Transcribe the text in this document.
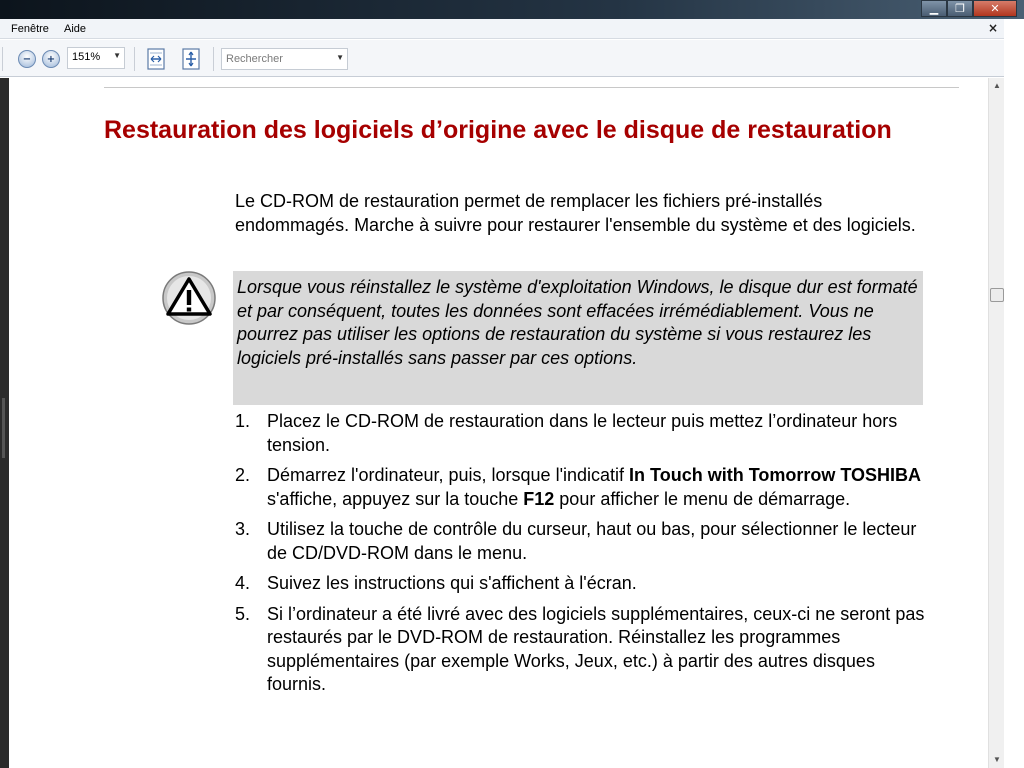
▁	❐	✕
Fenêtre Aide	×
−	+	151% ▼	Rechercher	▼
Restauration des logiciels d’origine avec le disque de restauration

Le CD-ROM de restauration permet de remplacer les fichiers pré-installés endommagés. Marche à suivre pour restaurer l'ensemble du système et des logiciels.

Lorsque vous réinstallez le système d'exploitation Windows, le disque dur est formaté et par conséquent, toutes les données sont effacées irrémédiablement. Vous ne pourrez pas utiliser les options de restauration du système si vous restaurez les logiciels pré-installés sans passer par ces options.

1. Placez le CD-ROM de restauration dans le lecteur puis mettez l’ordinateur hors tension.
2. Démarrez l'ordinateur, puis, lorsque l'indicatif In Touch with Tomorrow TOSHIBA s'affiche, appuyez sur la touche F12 pour afficher le menu de démarrage.
3. Utilisez la touche de contrôle du curseur, haut ou bas, pour sélectionner le lecteur de CD/DVD-ROM dans le menu.
4. Suivez les instructions qui s'affichent à l'écran.
5. Si l’ordinateur a été livré avec des logiciels supplémentaires, ceux-ci ne seront pas restaurés par le DVD-ROM de restauration. Réinstallez les programmes supplémentaires (par exemple Works, Jeux, etc.) à partir des autres disques fournis.
▲
▼
